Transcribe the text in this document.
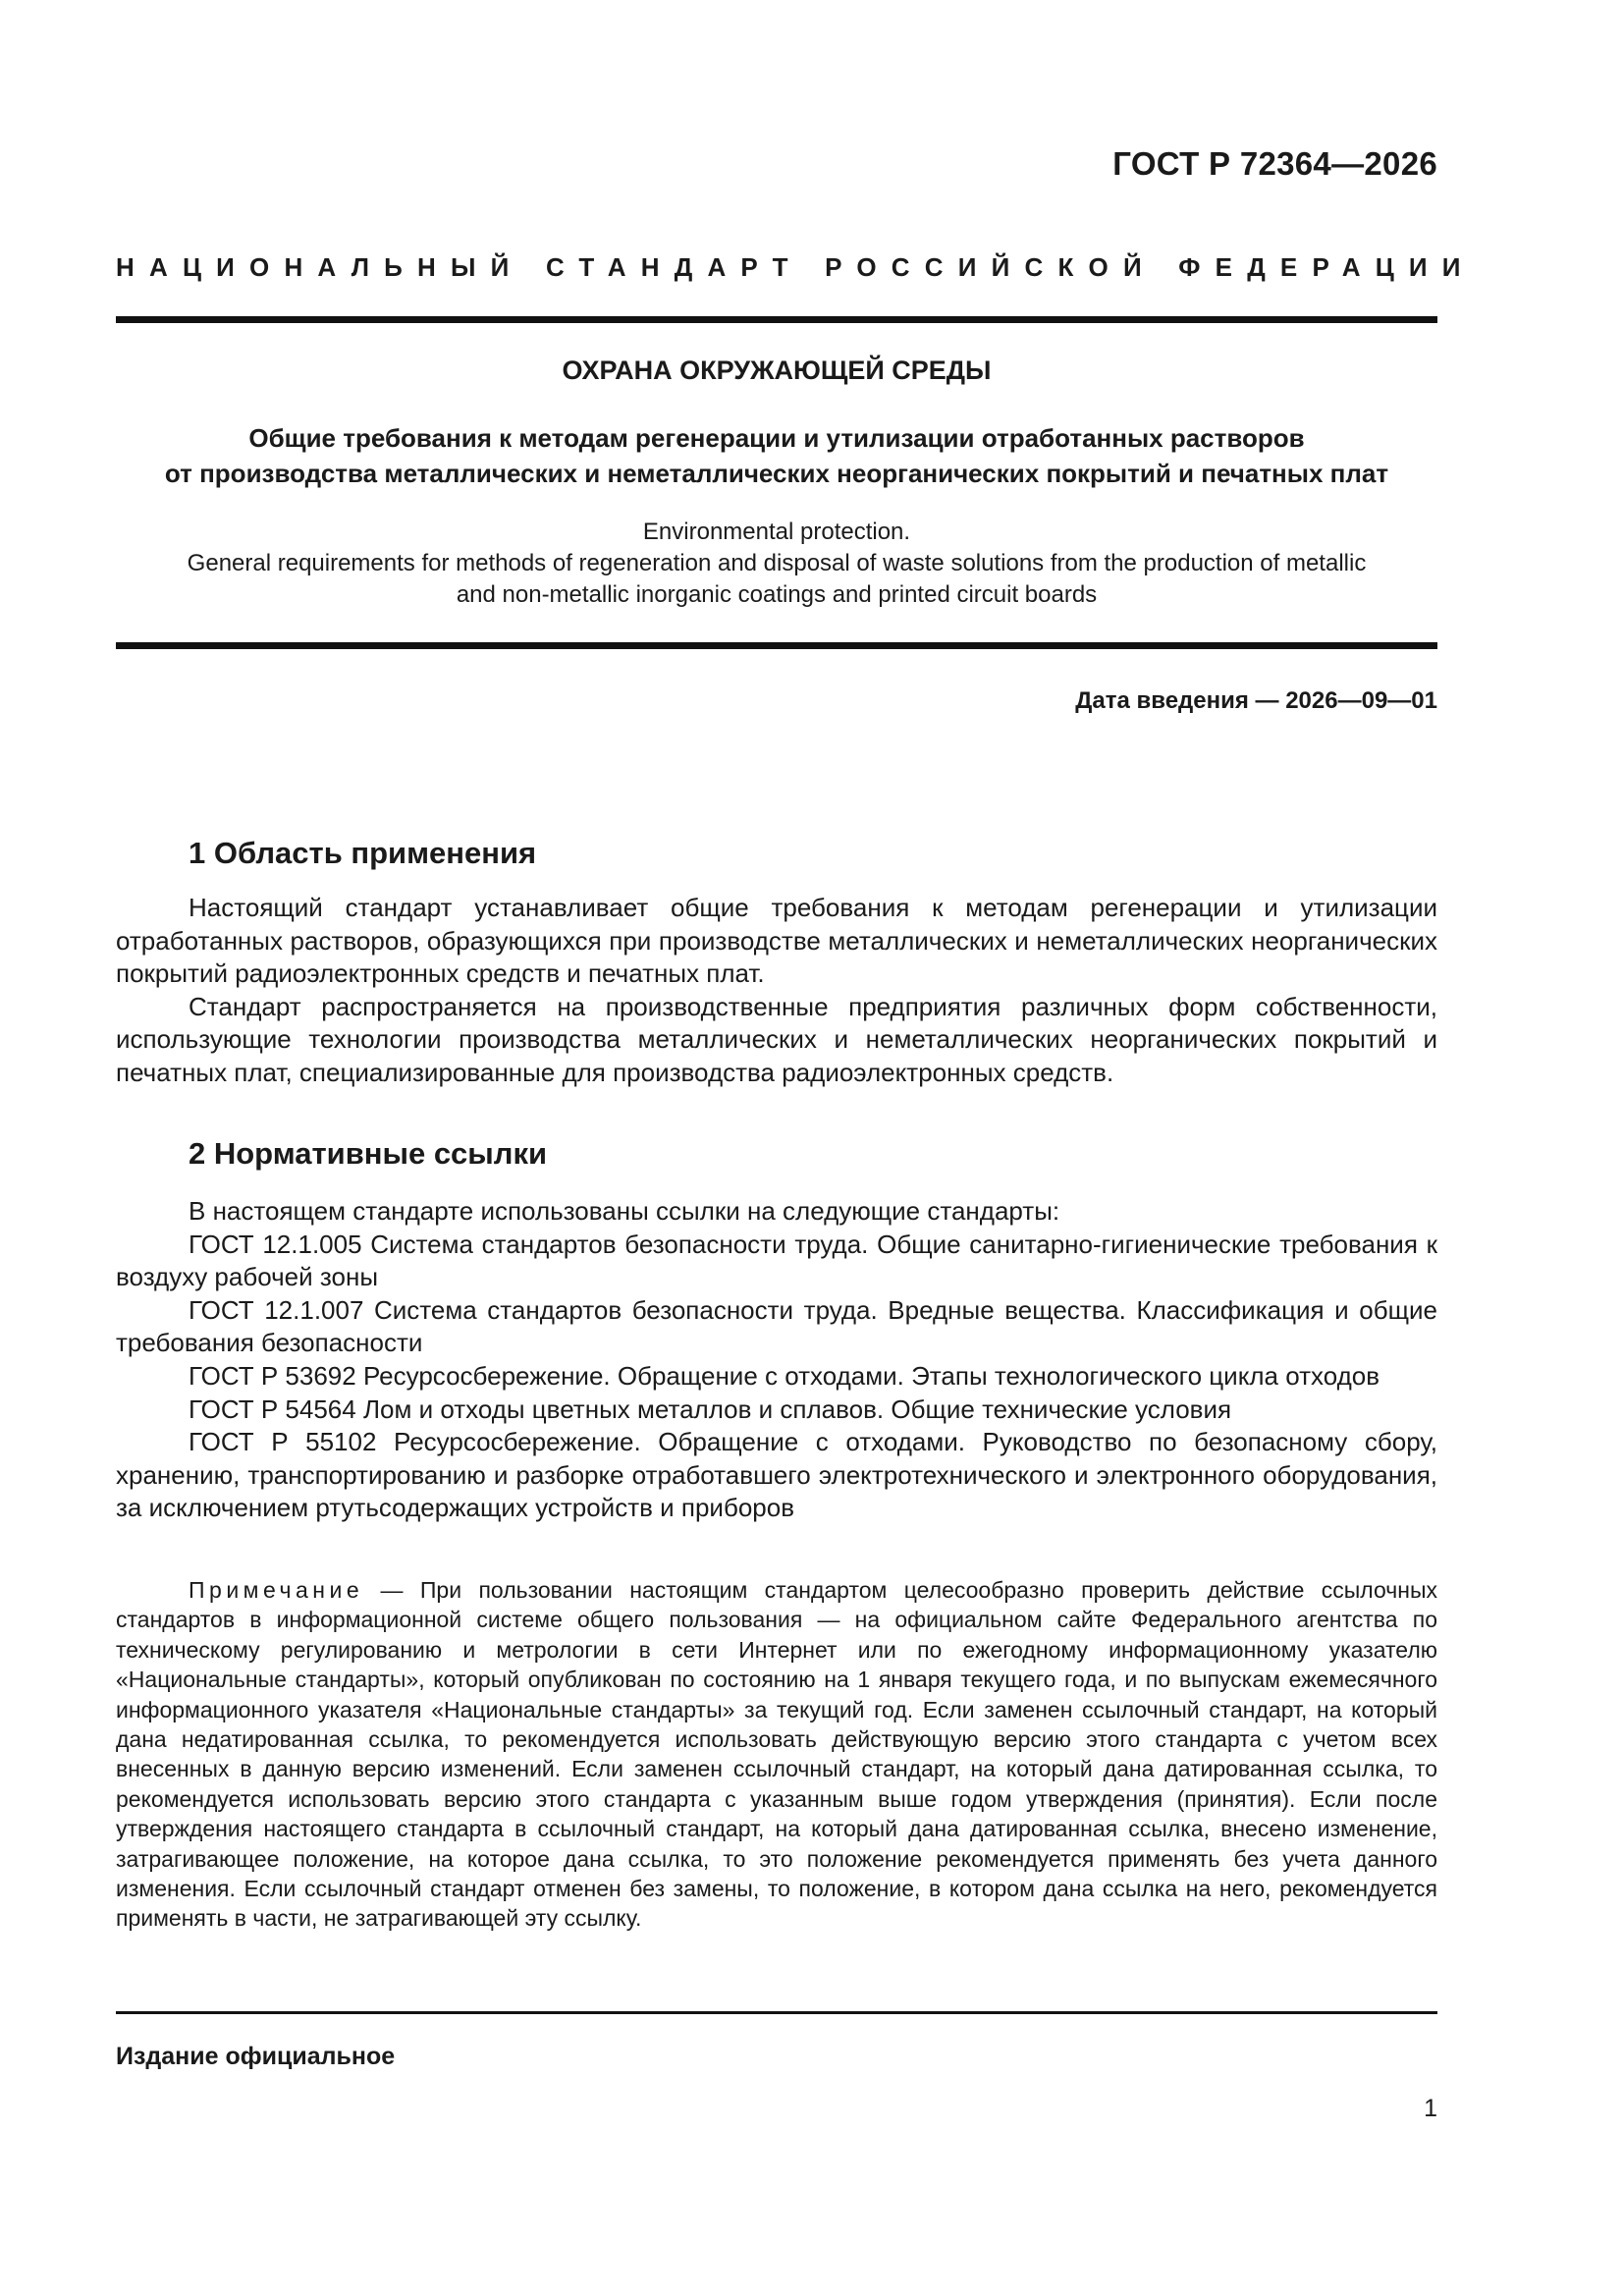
ГОСТ Р 72364—2026
НАЦИОНАЛЬНЫЙ СТАНДАРТ РОССИЙСКОЙ ФЕДЕРАЦИИ
ОХРАНА ОКРУЖАЮЩЕЙ СРЕДЫ
Общие требования к методам регенерации и утилизации отработанных растворов
от производства металлических и неметаллических неорганических покрытий и печатных плат
Environmental protection.
General requirements for methods of regeneration and disposal of waste solutions from the production of metallic
and non-metallic inorganic coatings and printed circuit boards
Дата введения — 2026—09—01
1 Область применения

Настоящий стандарт устанавливает общие требования к методам регенерации и утилизации отработанных растворов, образующихся при производстве металлических и неметаллических неорганических покрытий радиоэлектронных средств и печатных плат.

Стандарт распространяется на производственные предприятия различных форм собственности, использующие технологии производства металлических и неметаллических неорганических покрытий и печатных плат, специализированные для производства радиоэлектронных средств.

2 Нормативные ссылки

В настоящем стандарте использованы ссылки на следующие стандарты:

ГОСТ 12.1.005 Система стандартов безопасности труда. Общие санитарно-гигиенические требования к воздуху рабочей зоны

ГОСТ 12.1.007 Система стандартов безопасности труда. Вредные вещества. Классификация и общие требования безопасности

ГОСТ Р 53692 Ресурсосбережение. Обращение с отходами. Этапы технологического цикла отходов

ГОСТ Р 54564 Лом и отходы цветных металлов и сплавов. Общие технические условия

ГОСТ Р 55102 Ресурсосбережение. Обращение с отходами. Руководство по безопасному сбору, хранению, транспортированию и разборке отработавшего электротехнического и электронного оборудования, за исключением ртутьсодержащих устройств и приборов

Примечание — При пользовании настоящим стандартом целесообразно проверить действие ссылочных стандартов в информационной системе общего пользования — на официальном сайте Федерального агентства по техническому регулированию и метрологии в сети Интернет или по ежегодному информационному указателю «Национальные стандарты», который опубликован по состоянию на 1 января текущего года, и по выпускам ежемесячного информационного указателя «Национальные стандарты» за текущий год. Если заменен ссылочный стандарт, на который дана недатированная ссылка, то рекомендуется использовать действующую версию этого стандарта с учетом всех внесенных в данную версию изменений. Если заменен ссылочный стандарт, на который дана датированная ссылка, то рекомендуется использовать версию этого стандарта с указанным выше годом утверждения (принятия). Если после утверждения настоящего стандарта в ссылочный стандарт, на который дана датированная ссылка, внесено изменение, затрагивающее положение, на которое дана ссылка, то это положение рекомендуется применять без учета данного изменения. Если ссылочный стандарт отменен без замены, то положение, в котором дана ссылка на него, рекомендуется применять в части, не затрагивающей эту ссылку.
Издание официальное
1
